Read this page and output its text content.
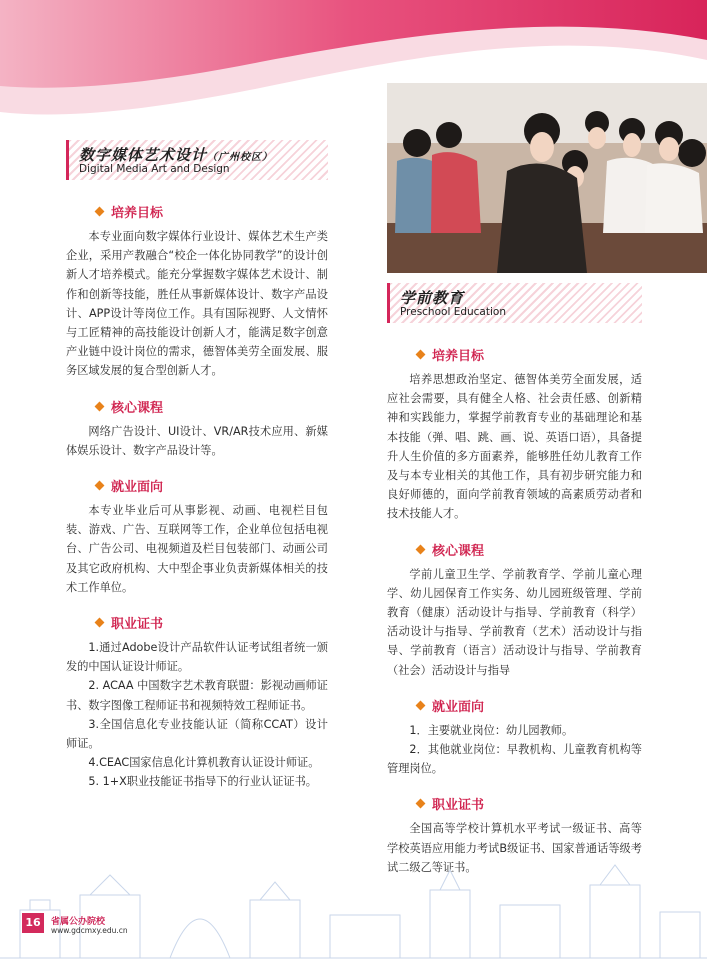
数字媒体艺术设计（广州校区）
Digital Media Art and Design
培养目标

本专业面向数字媒体行业设计、媒体艺术生产类企业，采用产教融合“校企一体化协同教学”的设计创新人才培养模式。能充分掌握数字媒体艺术设计、制作和创新等技能，胜任从事新媒体设计、数字产品设计、APP设计等岗位工作。具有国际视野、人文情怀与工匠精神的高技能设计创新人才，能满足数字创意产业链中设计岗位的需求，德智体美劳全面发展、服务区域发展的复合型创新人才。

核心课程

网络广告设计、UI设计、VR/AR技术应用、新媒体娱乐设计、数字产品设计等。

就业面向

本专业毕业后可从事影视、动画、电视栏目包装、游戏、广告、互联网等工作，企业单位包括电视台、广告公司、电视频道及栏目包装部门、动画公司及其它政府机构、大中型企事业负责新媒体相关的技术工作单位。

职业证书
1.通过Adobe设计产品软件认证考试组者统一颁发的中国认证设计师证。
2. ACAA 中国数字艺术教育联盟：影视动画师证书、数字图像工程师证书和视频特效工程师证书。
3.全国信息化专业技能认证（简称CCAT）设计师证。
4.CEAC国家信息化计算机教育认证设计师证。
5. 1+X职业技能证书指导下的行业认证证书。
学前教育
Preschool Education
培养目标

培养思想政治坚定、德智体美劳全面发展，适应社会需要，具有健全人格、社会责任感、创新精神和实践能力，掌握学前教育专业的基础理论和基本技能（弹、唱、跳、画、说、英语口语），具备提升人生价值的多方面素养，能够胜任幼儿教育工作及与本专业相关的其他工作，具有初步研究能力和良好师德的，面向学前教育领域的高素质劳动者和技术技能人才。

核心课程

学前儿童卫生学、学前教育学、学前儿童心理学、幼儿园保育工作实务、幼儿园班级管理、学前教育（健康）活动设计与指导、学前教育（科学）活动设计与指导、学前教育（艺术）活动设计与指导、学前教育（语言）活动设计与指导、学前教育（社会）活动设计与指导

就业面向
1．主要就业岗位：幼儿园教师。
2．其他就业岗位：早教机构、儿童教育机构等管理岗位。
职业证书

全国高等学校计算机水平考试一级证书、高等学校英语应用能力考试B级证书、国家普通话等级考试二级乙等证书。

16	省属公办院校
www.gdcmxy.edu.cn
